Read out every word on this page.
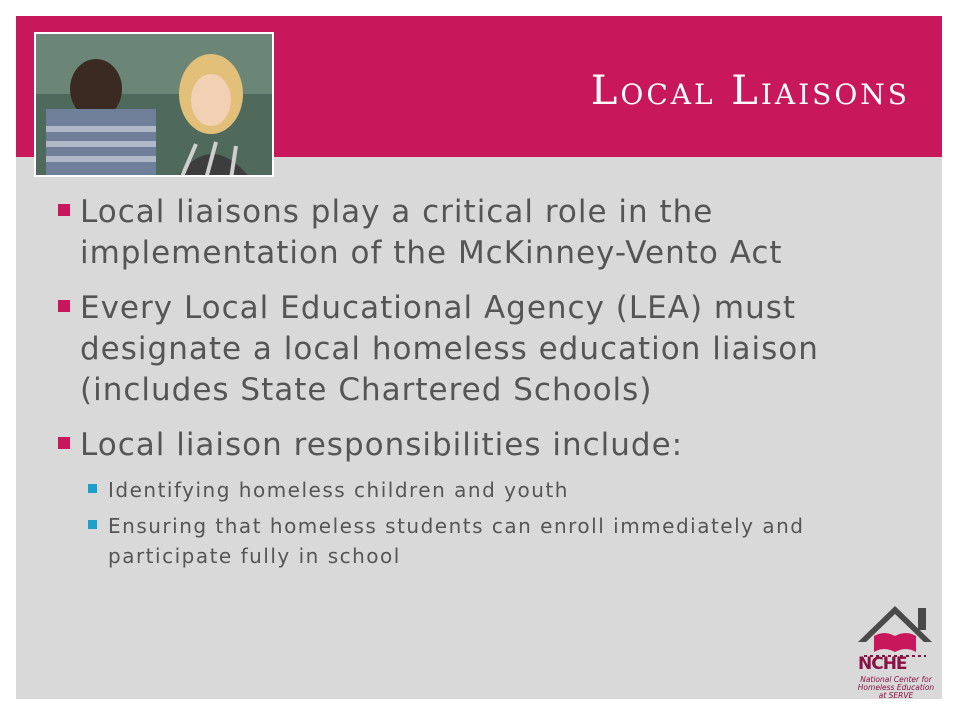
Local Liaisons
Local liaisons play a critical role in the implementation of the McKinney-Vento Act
Every Local Educational Agency (LEA) must designate a local homeless education liaison (includes State Chartered Schools)
Local liaison responsibilities include:
Identifying homeless children and youth
Ensuring that homeless students can enroll immediately and participate fully in school
NCHE
National Center for Homeless Education at SERVE
